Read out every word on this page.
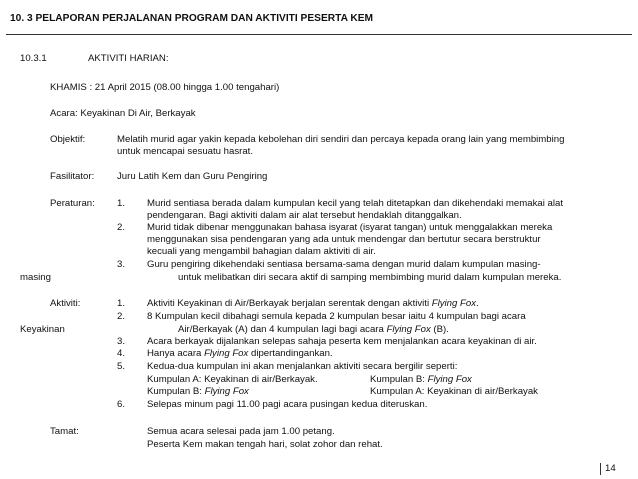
10. 3 PELAPORAN PERJALANAN PROGRAM DAN AKTIVITI PESERTA KEM
10.3.1	AKTIVITI HARIAN:
KHAMIS : 21 April 2015 (08.00 hingga 1.00 tengahari)
Acara: Keyakinan Di Air, Berkayak
Objektif:	Melatih murid agar yakin kepada kebolehan diri sendiri dan percaya kepada orang lain yang membimbing
untuk mencapai sesuatu hasrat.
Fasilitator: Juru Latih Kem dan Guru Pengiring
Peraturan: 1. Murid sentiasa berada dalam kumpulan kecil yang telah ditetapkan dan dikehendaki memakai alat
pendengaran. Bagi aktiviti dalam air alat tersebut hendaklah ditanggalkan.
2. Murid tidak dibenar menggunakan bahasa isyarat (isyarat tangan) untuk menggalakkan mereka
menggunakan sisa pendengaran yang ada untuk mendengar dan bertutur secara berstruktur
kecuali yang mengambil bahagian dalam aktiviti di air.
3. Guru pengiring dikehendaki sentiasa bersama-sama dengan murid dalam kumpulan masing-
masing	untuk melibatkan diri secara aktif di samping membimbing murid dalam kumpulan mereka.
Aktiviti:	1. Aktiviti Keyakinan di Air/Berkayak berjalan serentak dengan aktiviti Flying Fox.
2. 8 Kumpulan kecil dibahagi semula kepada 2 kumpulan besar iaitu 4 kumpulan bagi acara
Keyakinan	Air/Berkayak (A) dan 4 kumpulan lagi bagi acara Flying Fox (B).
3. Acara berkayak dijalankan selepas sahaja peserta kem menjalankan acara keyakinan di air.
4. Hanya acara Flying Fox dipertandingankan.
5. Kedua-dua kumpulan ini akan menjalankan aktiviti secara bergilir seperti:
Kumpulan A: Keyakinan di air/Berkayak.	Kumpulan B: Flying Fox
Kumpulan B: Flying Fox	Kumpulan A: Keyakinan di air/Berkayak
6. Selepas minum pagi 11.00 pagi acara pusingan kedua diteruskan.
Tamat:	Semua acara selesai pada jam 1.00 petang.
Peserta Kem makan tengah hari, solat zohor dan rehat.
14
